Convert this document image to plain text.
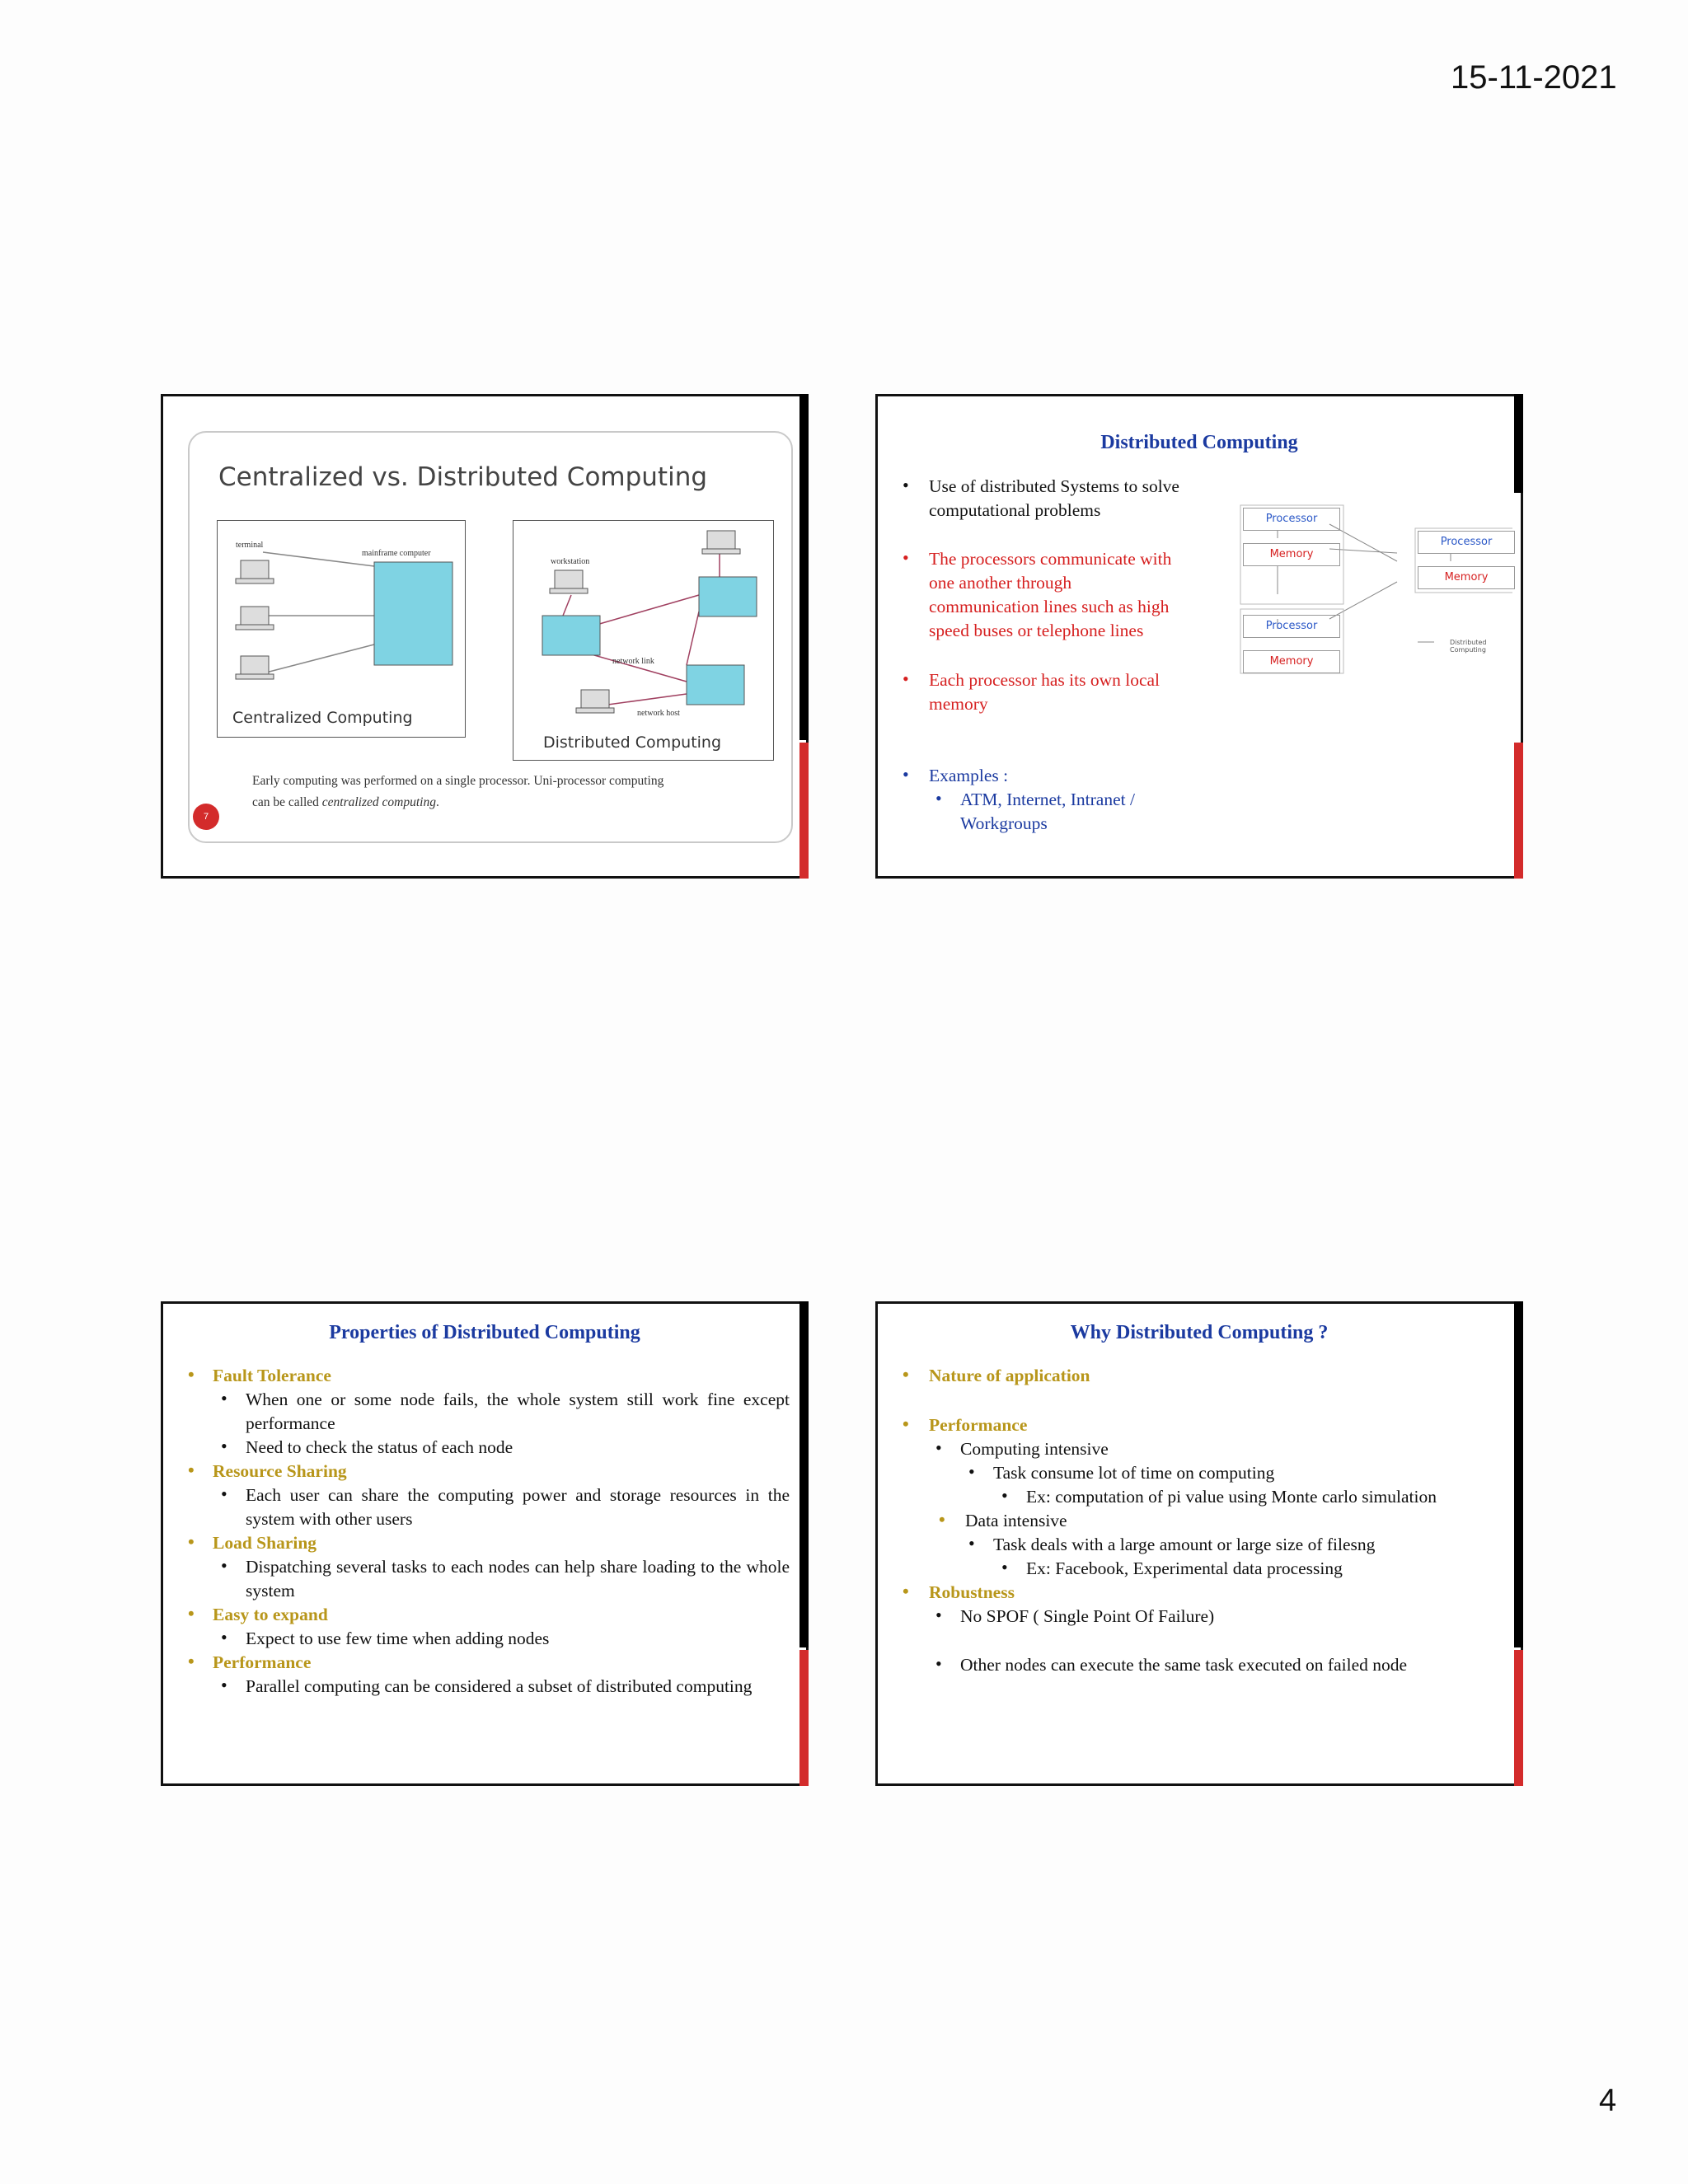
15-11-2021
Centralized vs. Distributed Computing
terminal
mainframe computer
Centralized Computing
workstation
network link
network host
Distributed Computing
Early computing was performed on a single processor. Uni-processor computing
can be called centralized computing.
7
Distributed Computing
• Use of distributed Systems to solve
computational problems
• The processors communicate with
one another through
communication lines such as high
speed buses or telephone lines
• Each processor has its own local
memory
• Examples :
• ATM, Internet, Intranet /
Workgroups
Processor
Memory
Processor
Memory
Processor
Memory
Distributed
Computing
Properties of Distributed Computing
• Fault Tolerance
• When one or some node fails, the whole system still work fine except performance
• Need to check the status of each node
• Resource Sharing
• Each user can share the computing power and storage resources in the system with other users
• Load Sharing
• Dispatching several tasks to each nodes can help share loading to the whole system
• Easy to expand
• Expect to use few time when adding nodes
• Performance
• Parallel computing can be considered a subset of distributed computing
Why Distributed Computing ?
• Nature of application
• Performance
• Computing intensive
• Task consume lot of time on computing
• Ex: computation of pi value using Monte carlo simulation
• Data intensive
• Task deals with a large amount or large size of filesng
• Ex: Facebook, Experimental data processing
• Robustness
• No SPOF ( Single Point Of Failure)
• Other nodes can execute the same task executed on failed node
4
